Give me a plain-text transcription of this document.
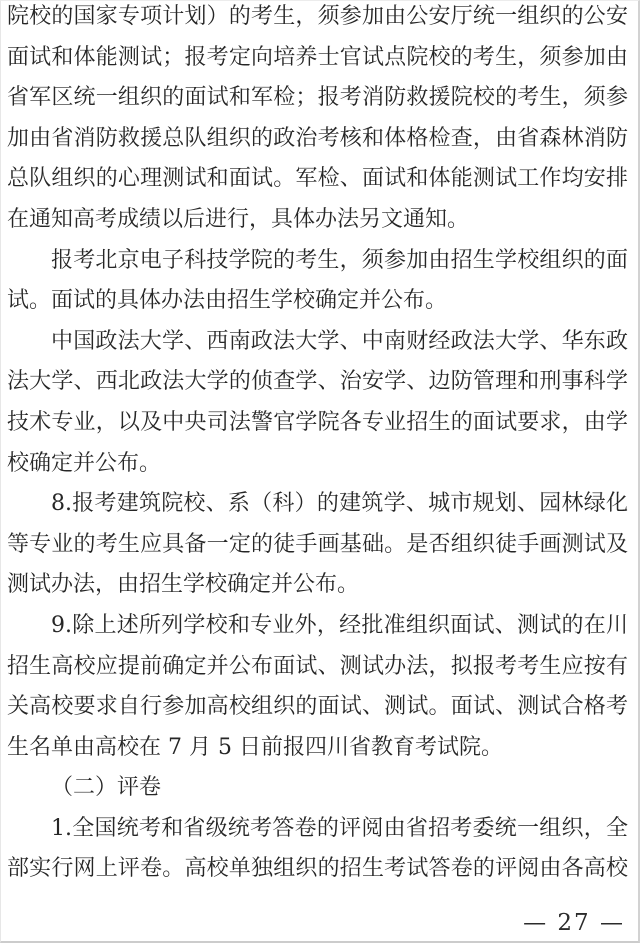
院校的国家专项计划）的考生，须参加由公安厅统一组织的公安
面试和体能测试；报考定向培养士官试点院校的考生，须参加由
省军区统一组织的面试和军检；报考消防救援院校的考生，须参
加由省消防救援总队组织的政治考核和体格检查，由省森林消防
总队组织的心理测试和面试。军检、面试和体能测试工作均安排
在通知高考成绩以后进行，具体办法另文通知。
报考北京电子科技学院的考生，须参加由招生学校组织的面
试。面试的具体办法由招生学校确定并公布。
中国政法大学、西南政法大学、中南财经政法大学、华东政
法大学、西北政法大学的侦查学、治安学、边防管理和刑事科学
技术专业，以及中央司法警官学院各专业招生的面试要求，由学
校确定并公布。
8.报考建筑院校、系（科）的建筑学、城市规划、园林绿化
等专业的考生应具备一定的徒手画基础。是否组织徒手画测试及
测试办法，由招生学校确定并公布。
9.除上述所列学校和专业外，经批准组织面试、测试的在川
招生高校应提前确定并公布面试、测试办法，拟报考考生应按有
关高校要求自行参加高校组织的面试、测试。面试、测试合格考
生名单由高校在 7 月 5 日前报四川省教育考试院。
（二）评卷
1.全国统考和省级统考答卷的评阅由省招考委统一组织，全
部实行网上评卷。高校单独组织的招生考试答卷的评阅由各高校
— 27 —
